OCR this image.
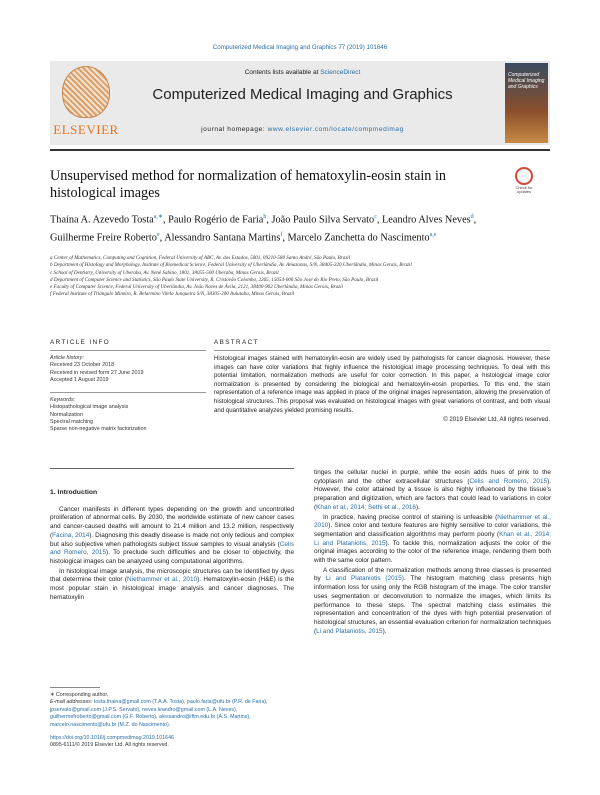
Computerized Medical Imaging and Graphics 77 (2019) 101646
ELSEVIER
Contents lists available at ScienceDirect
Computerized Medical Imaging and Graphics
journal homepage: www.elsevier.com/locate/compmedimag
Computerized Medical Imaging and Graphics
Unsupervised method for normalization of hematoxylin-eosin stain in histological images	Check for updates
Thaína A. Azevedo Tosta$^{a,∗}$, Paulo Rogério de Faria$^b$, João Paulo Silva Servato$^c$, Leandro Alves Neves$^d$, Guilherme Freire Roberto$^e$, Alessandro Santana Martins$^f$, Marcelo Zanchetta do Nascimento$^{a,e}$

a Center of Mathematics, Computing and Cognition, Federal University of ABC, Av. dos Estados, 5001, 09210-580 Santo André, São Paulo, Brazil

b Department of Histology and Morphology, Institute of Biomedical Science, Federal University of Uberlândia, Av. Amazonas, S/N, 38405-320 Uberlândia, Minas Gerais, Brazil

c School of Dentistry, University of Uberaba, Av. Nenê Sabino, 1801, 38055-500 Uberaba, Minas Gerais, Brazil

d Department of Computer Science and Statistics, São Paulo State University, R. Cristóvão Colombo, 2265, 15054-000 São José do Rio Preto, São Paulo, Brazil

e Faculty of Computer Science, Federal University of Uberlândia, Av. João Naves de Ávila, 2121, 38400-902 Uberlândia, Minas Gerais, Brazil

f Federal Institute of Triângulo Mineiro, R. Belarmino Vilela Junqueira S/N, 38305-200 Ituiutaba, Minas Gerais, Brazil

ARTICLE INFO
Article history:
Received 23 October 2018
Received in revised form 27 June 2019
Accepted 1 August 2019
Keywords:
Histopathological image analysis
Normalization
Spectral matching
Sparse non-negative matrix factorization
ABSTRACT
Histological images stained with hematoxylin-eosin are widely used by pathologists for cancer diagnosis. However, these images can have color variations that highly influence the histological image processing techniques. To deal with this potential limitation, normalization methods are useful for color correction. In this paper, a histological image color normalization is presented by considering the biological and hematoxylin-eosin properties. To this end, the stain representation of a reference image was applied in place of the original images representation, allowing the preservation of histological structures. This proposal was evaluated on histological images with great variations of contrast, and both visual and quantitative analyzes yielded promising results.
© 2019 Elsevier Ltd. All rights reserved.
1. Introduction

Cancer manifests in different types depending on the growth and uncontrolled proliferation of abnormal cells. By 2030, the worldwide estimate of new cancer cases and cancer-caused deaths will amount to 21.4 million and 13.2 million, respectively (Facina, 2014). Diagnosing this deadly disease is made not only tedious and complex but also subjective when pathologists subject tissue samples to visual analysis (Celis and Romero, 2015). To preclude such difficulties and be closer to objectivity, the histological images can be analyzed using computational algorithms.

In histological image analysis, the microscopic structures can be identified by dyes that determine their color (Niethammer et al., 2010). Hematoxylin-eosin (H&E) is the most popular stain in histological image analysis and cancer diagnoses. The hematoxylin

tinges the cellular nuclei in purple, while the eosin adds hues of pink to the cytoplasm and the other extracellular structures (Celis and Romero, 2015). However, the color attained by a tissue is also highly influenced by the tissue's preparation and digitization, which are factors that could lead to variations in color (Khan et al., 2014; Sethi et al., 2016).

In practice, having precise control of staining is unfeasible (Niethammer et al., 2010). Since color and texture features are highly sensitive to color variations, the segmentation and classification algorithms may perform poorly (Khan et al., 2014; Li and Plataniotis, 2015). To tackle this, normalization adjusts the color of the original images according to the color of the reference image, rendering them both with the same color pattern.

A classification of the normalization methods among three classes is presented by Li and Plataniotis (2015). The histogram matching class presents high information loss for using only the RGB histogram of the image. The color transfer uses segmentation or deconvolution to normalize the images, which limits its performance to these steps. The spectral matching class estimates the representation and concentration of the dyes with high potential preservation of histological structures, an essential evaluation criterion for normalization techniques (Li and Plataniotis, 2015).

∗ Corresponding author.
E-mail addresses: tosta.thaina@gmail.com (T.A.A. Tosta), paulo.faria@ufu.br (P.R. de Faria), jpservato@gmail.com (J.P.S. Servato), neves.leandro@gmail.com (L.A. Neves), guilhermefroberto@gmail.com (G.F. Roberto), alessandro@iftm.edu.br (A.S. Martins), marcelo.nascimento@ufu.br (M.Z. do Nascimento).
https://doi.org/10.1016/j.compmedimag.2019.101646
0895-6111/© 2019 Elsevier Ltd. All rights reserved.
